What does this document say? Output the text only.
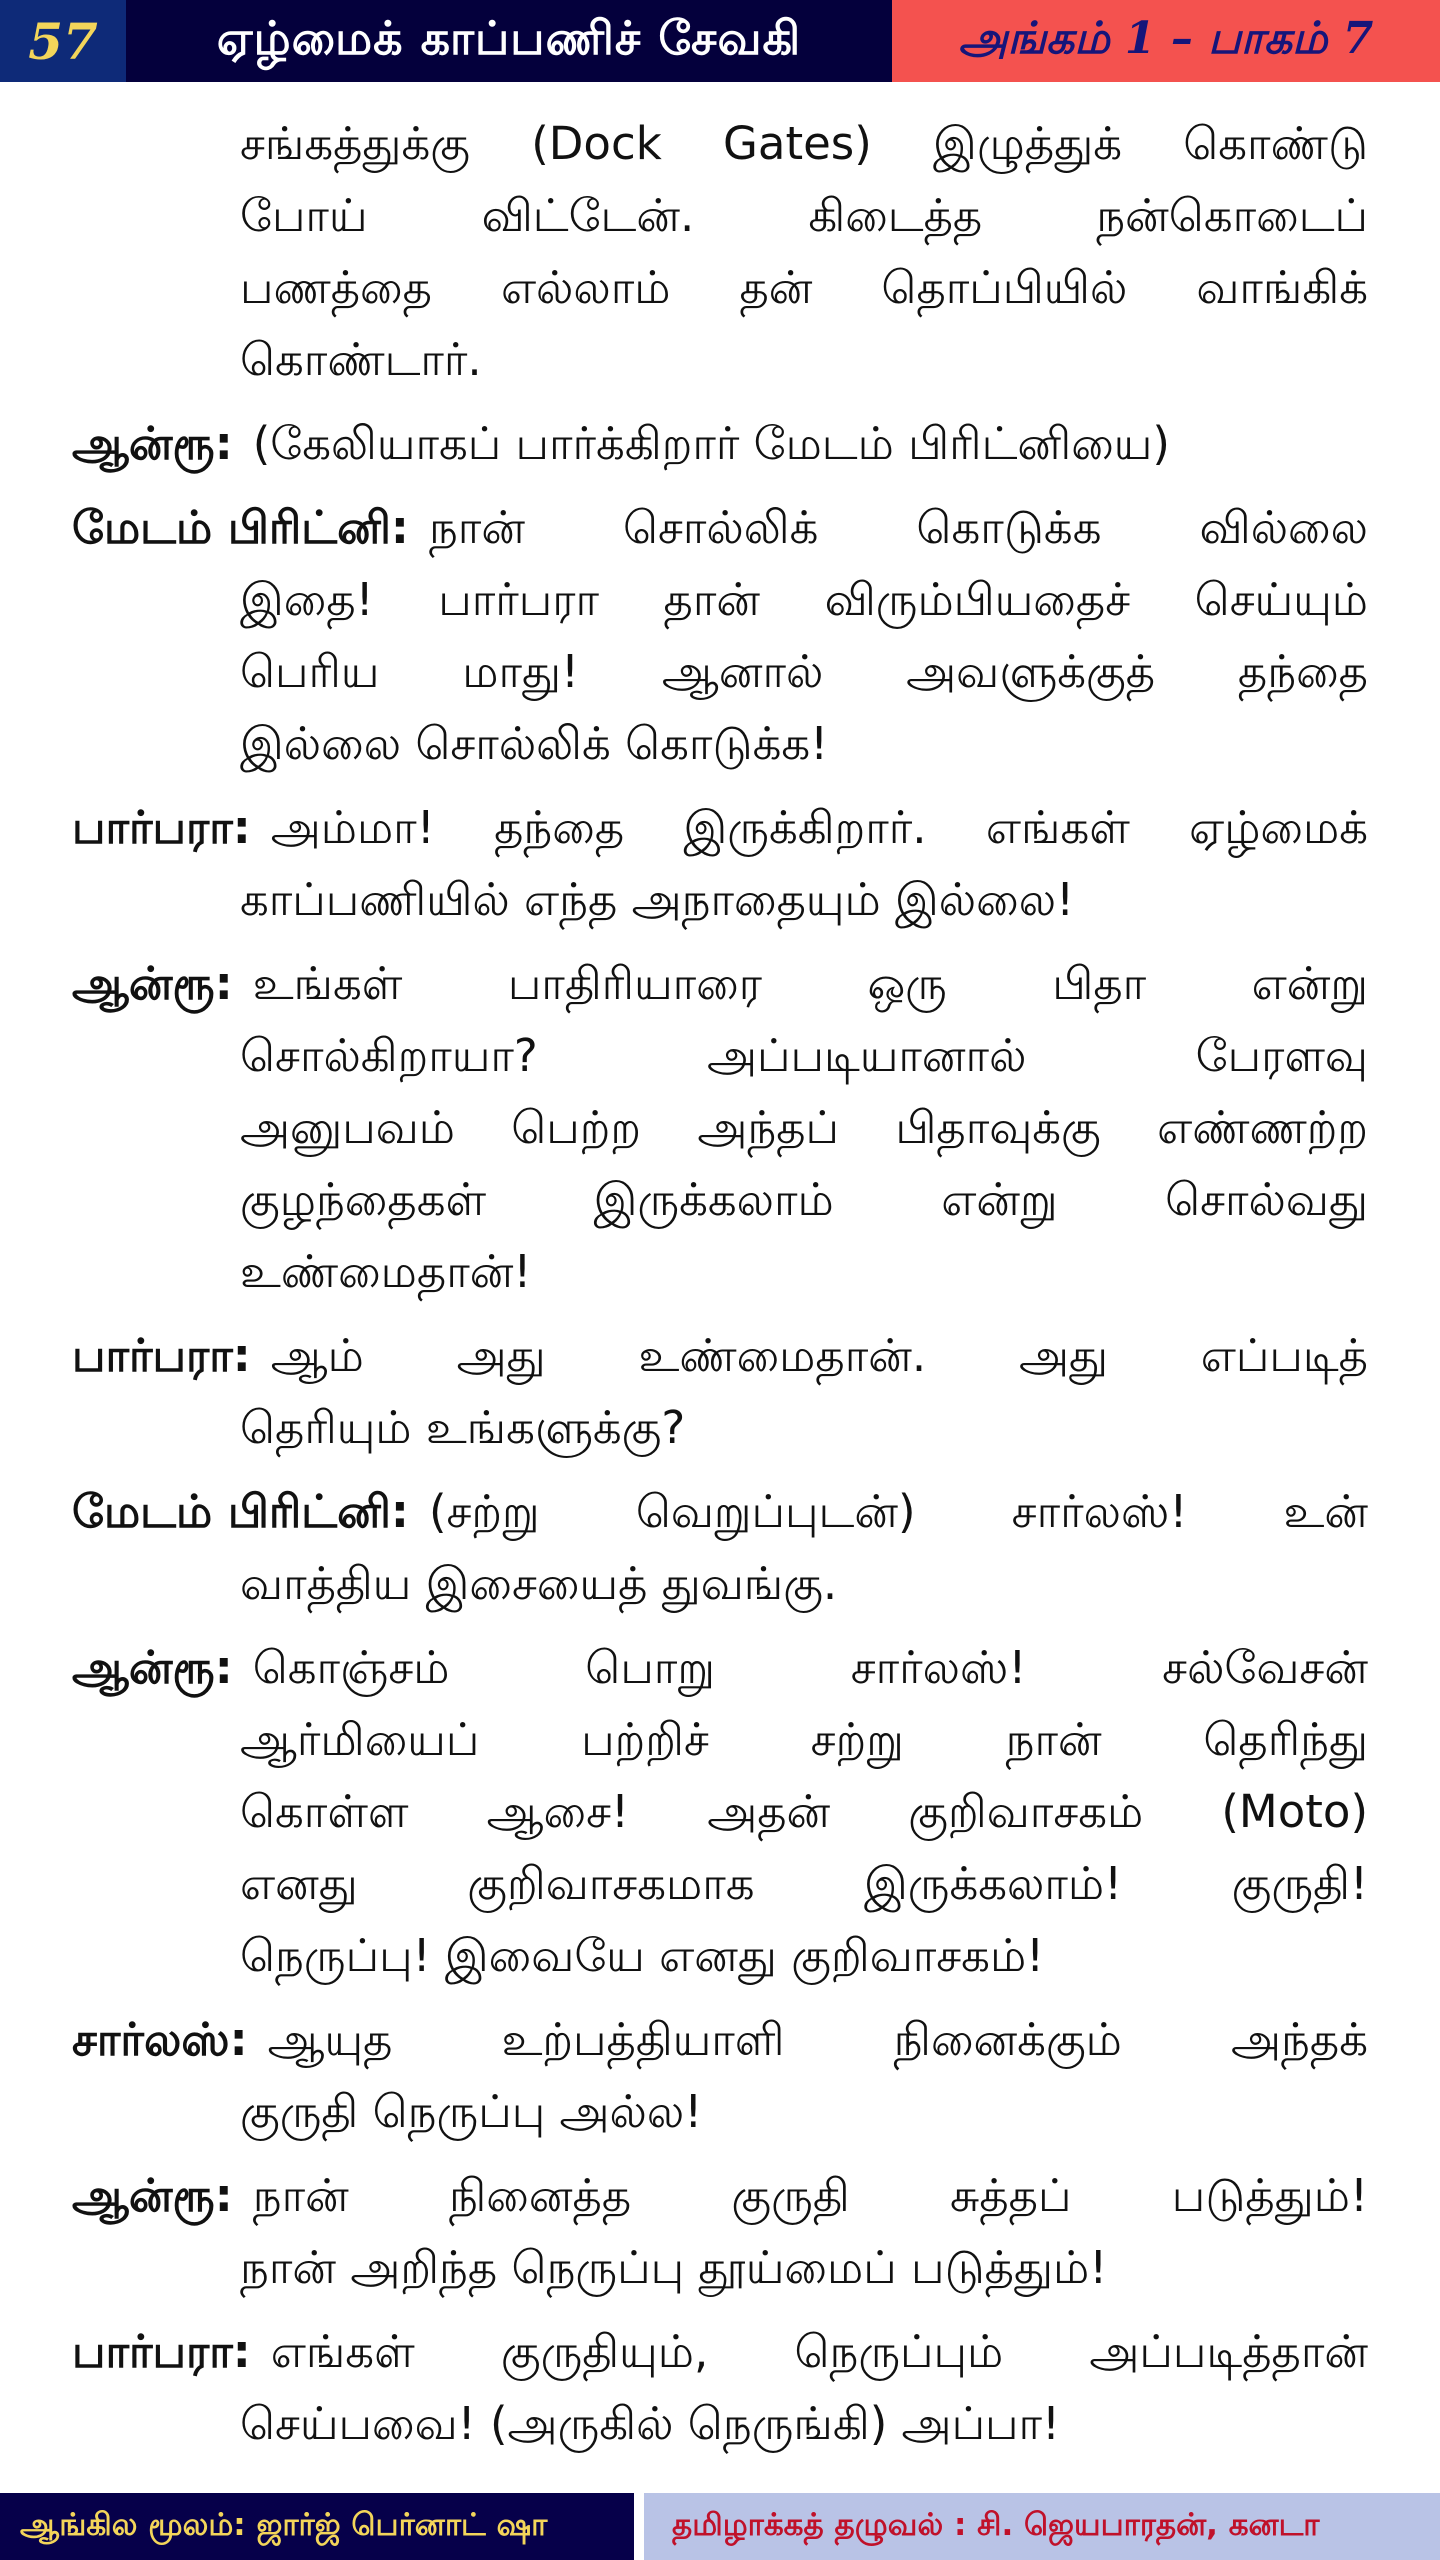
57	ஏழ்மைக் காப்பணிச் சேவகி	அங்கம் 1 – பாகம் 7
சங்கத்துக்கு (Dock Gates) இழுத்துக் கொண்டு
போய் விட்டேன். கிடைத்த நன்கொடைப்
பணத்தை எல்லாம் தன் தொப்பியில் வாங்கிக்
கொண்டார்.
ஆன்ரூ: (கேலியாகப் பார்க்கிறார் மேடம் பிரிட்னியை)
மேடம் பிரிட்னி: நான் சொல்லிக் கொடுக்க வில்லை
இதை! பார்பரா தான் விரும்பியதைச் செய்யும்
பெரிய மாது! ஆனால் அவளுக்குத் தந்தை
இல்லை சொல்லிக் கொடுக்க!
பார்பரா: அம்மா! தந்தை இருக்கிறார். எங்கள் ஏழ்மைக்
காப்பணியில் எந்த அநாதையும் இல்லை!
ஆன்ரூ: உங்கள் பாதிரியாரை ஒரு பிதா என்று
சொல்கிறாயா? அப்படியானால் பேரளவு
அனுபவம் பெற்ற அந்தப் பிதாவுக்கு எண்ணற்ற
குழந்தைகள் இருக்கலாம் என்று சொல்வது
உண்மைதான்!
பார்பரா: ஆம் அது உண்மைதான். அது எப்படித்
தெரியும் உங்களுக்கு?
மேடம் பிரிட்னி: (சற்று வெறுப்புடன்) சார்லஸ்! உன்
வாத்திய இசையைத் துவங்கு.
ஆன்ரூ: கொஞ்சம் பொறு சார்லஸ்! சல்வேசன்
ஆர்மியைப் பற்றிச் சற்று நான் தெரிந்து
கொள்ள ஆசை! அதன் குறிவாசகம் (Moto)
எனது குறிவாசகமாக இருக்கலாம்! குருதி!
நெருப்பு! இவையே எனது குறிவாசகம்!
சார்லஸ்: ஆயுத உற்பத்தியாளி நினைக்கும் அந்தக்
குருதி நெருப்பு அல்ல!
ஆன்ரூ: நான் நினைத்த குருதி சுத்தப் படுத்தும்!
நான் அறிந்த நெருப்பு தூய்மைப் படுத்தும்!
பார்பரா: எங்கள் குருதியும், நெருப்பும் அப்படித்தான்
செய்பவை! (அருகில் நெருங்கி) அப்பா!
ஆங்கில மூலம்: ஜார்ஜ் பெர்னாட் ஷா	தமிழாக்கத் தழுவல் : சி. ஜெயபாரதன், கனடா
